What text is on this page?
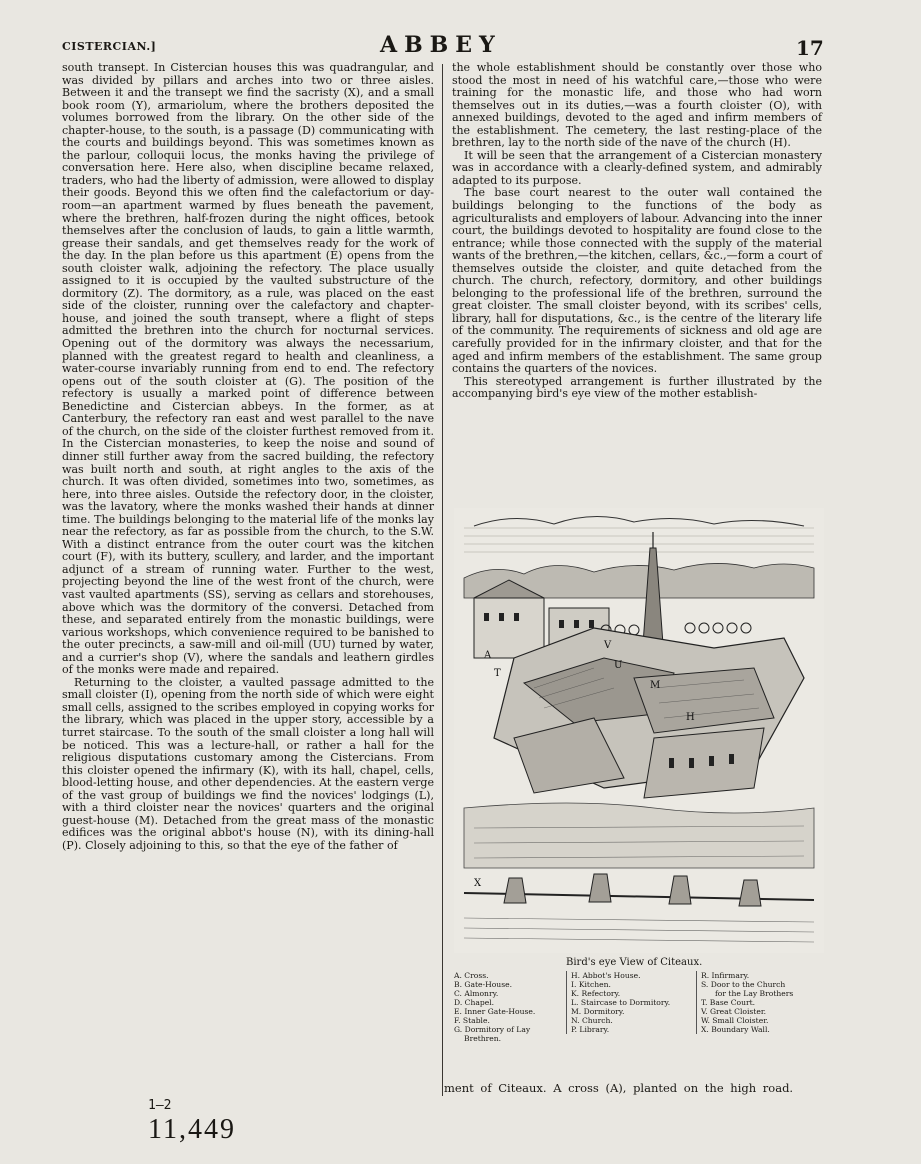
CISTERCIAN.]	ABBEY	17

south transept. In Cistercian houses this was quadrangular, and was divided by pillars and arches into two or three aisles. Between it and the transept we find the sacristy (X), and a small book room (Y), armariolum, where the brothers deposited the volumes borrowed from the library. On the other side of the chapter-house, to the south, is a passage (D) communicating with the courts and buildings beyond. This was sometimes known as the parlour, colloquii locus, the monks having the privilege of conversation here. Here also, when discipline became relaxed, traders, who had the liberty of admission, were allowed to display their goods. Beyond this we often find the calefactorium or day-room—an apartment warmed by flues beneath the pavement, where the brethren, half-frozen during the night offices, betook themselves after the conclusion of lauds, to gain a little warmth, grease their sandals, and get themselves ready for the work of the day. In the plan before us this apartment (E) opens from the south cloister walk, adjoining the refectory. The place usually assigned to it is occupied by the vaulted substructure of the dormitory (Z). The dormitory, as a rule, was placed on the east side of the cloister, running over the calefactory and chapter-house, and joined the south transept, where a flight of steps admitted the brethren into the church for nocturnal services. Opening out of the dormitory was always the necessarium, planned with the greatest regard to health and cleanliness, a water-course invariably running from end to end. The refectory opens out of the south cloister at (G). The position of the refectory is usually a marked point of difference between Benedictine and Cistercian abbeys. In the former, as at Canterbury, the refectory ran east and west parallel to the nave of the church, on the side of the cloister furthest removed from it. In the Cistercian monasteries, to keep the noise and sound of dinner still further away from the sacred building, the refectory was built north and south, at right angles to the axis of the church. It was often divided, sometimes into two, sometimes, as here, into three aisles. Outside the refectory door, in the cloister, was the lavatory, where the monks washed their hands at dinner time. The buildings belonging to the material life of the monks lay near the refectory, as far as possible from the church, to the S.W. With a distinct entrance from the outer court was the kitchen court (F), with its buttery, scullery, and larder, and the important adjunct of a stream of running water. Further to the west, projecting beyond the line of the west front of the church, were vast vaulted apartments (SS), serving as cellars and storehouses, above which was the dormitory of the conversi. Detached from these, and separated entirely from the monastic buildings, were various workshops, which convenience required to be banished to the outer precincts, a saw-mill and oil-mill (UU) turned by water, and a currier's shop (V), where the sandals and leathern girdles of the monks were made and repaired.

Returning to the cloister, a vaulted passage admitted to the small cloister (I), opening from the north side of which were eight small cells, assigned to the scribes employed in copying works for the library, which was placed in the upper story, accessible by a turret staircase. To the south of the small cloister a long hall will be noticed. This was a lecture-hall, or rather a hall for the religious disputations customary among the Cistercians. From this cloister opened the infirmary (K), with its hall, chapel, cells, blood-letting house, and other dependencies. At the eastern verge of the vast group of buildings we find the novices' lodgings (L), with a third cloister near the novices' quarters and the original guest-house (M). Detached from the great mass of the monastic edifices was the original abbot's house (N), with its dining-hall (P). Closely adjoining to this, so that the eye of the father of

the whole establishment should be constantly over those who stood the most in need of his watchful care,—those who were training for the monastic life, and those who had worn themselves out in its duties,—was a fourth cloister (O), with annexed buildings, devoted to the aged and infirm members of the establishment. The cemetery, the last resting-place of the brethren, lay to the north side of the nave of the church (H).

It will be seen that the arrangement of a Cistercian monastery was in accordance with a clearly-defined system, and admirably adapted to its purpose.

The base court nearest to the outer wall contained the buildings belonging to the functions of the body as agriculturalists and employers of labour. Advancing into the inner court, the buildings devoted to hospitality are found close to the entrance; while those connected with the supply of the material wants of the brethren,—the kitchen, cellars, &c.,—form a court of themselves outside the cloister, and quite detached from the church. The church, refectory, dormitory, and other buildings belonging to the professional life of the brethren, surround the great cloister. The small cloister beyond, with its scribes' cells, library, hall for disputations, &c., is the centre of the literary life of the community. The requirements of sickness and old age are carefully provided for in the infirmary cloister, and that for the aged and infirm members of the establishment. The same group contains the quarters of the novices.

This stereotyped arrangement is further illustrated by the accompanying bird's eye view of the mother establish-

A
T
U
V
M
H
X
Bird's eye View of Citeaux.
A. Cross.
B. Gate-House.
C. Almonry.
D. Chapel.
E. Inner Gate-House.
F. Stable.
G. Dormitory of Lay
Brethren.
H. Abbot's House.
I. Kitchen.
K. Refectory.
L. Staircase to Dormitory.
M. Dormitory.
N. Church.
P. Library.
R. Infirmary.
S. Door to the Church
for the Lay Brothers
T. Base Court.
V. Great Cloister.
W. Small Cloister.
X. Boundary Wall.
ment of Citeaux. A cross (A), planted on the high road.
1—2
11,449
